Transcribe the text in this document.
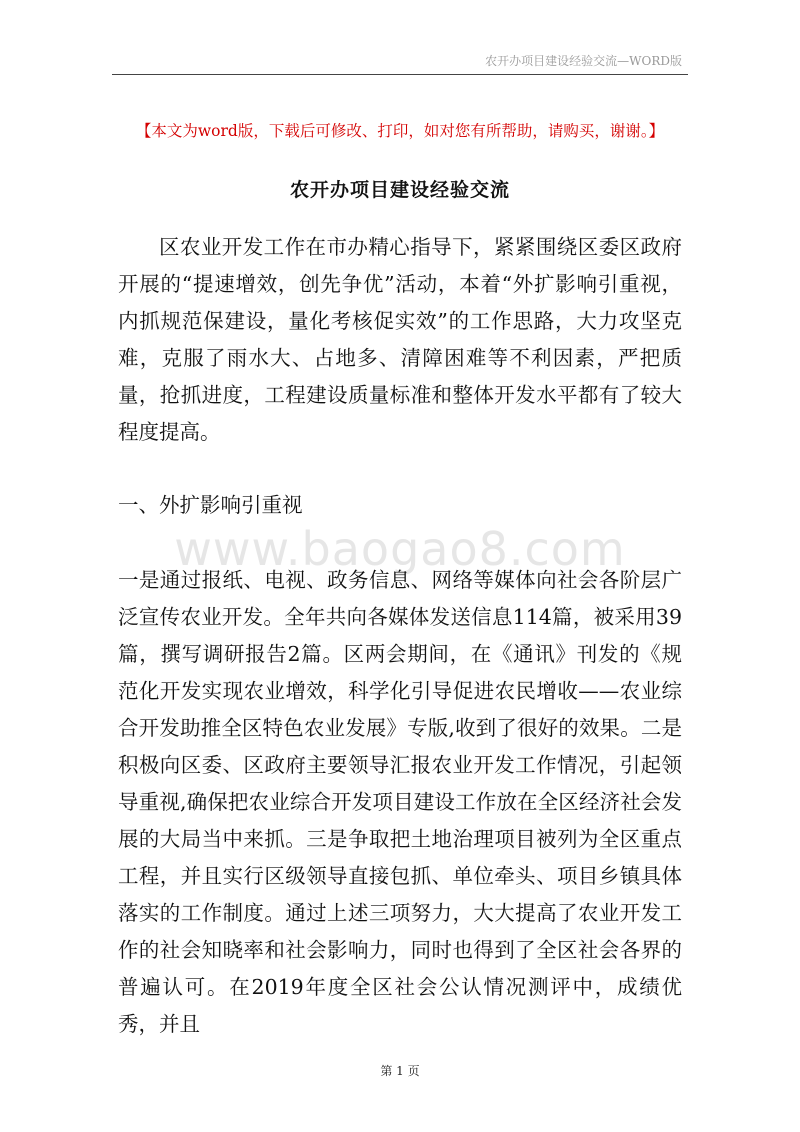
农开办项目建设经验交流—WORD版
【本文为word版，下载后可修改、打印，如对您有所帮助，请购买，谢谢。】
农开办项目建设经验交流

区农业开发工作在市办精心指导下，紧紧围绕区委区政府开展的“提速增效，创先争优”活动，本着“外扩影响引重视，内抓规范保建设，量化考核促实效”的工作思路，大力攻坚克难，克服了雨水大、占地多、清障困难等不利因素，严把质量，抢抓进度，工程建设质量标准和整体开发水平都有了较大程度提高。

一、外扩影响引重视

www.baogao8.com

一是通过报纸、电视、政务信息、网络等媒体向社会各阶层广泛宣传农业开发。全年共向各媒体发送信息114篇，被采用39篇，撰写调研报告2篇。区两会期间，在《通讯》刊发的《规范化开发实现农业增效，科学化引导促进农民增收——农业综合开发助推全区特色农业发展》专版,收到了很好的效果。二是积极向区委、区政府主要领导汇报农业开发工作情况，引起领导重视,确保把农业综合开发项目建设工作放在全区经济社会发展的大局当中来抓。三是争取把土地治理项目被列为全区重点工程，并且实行区级领导直接包抓、单位牵头、项目乡镇具体落实的工作制度。通过上述三项努力，大大提高了农业开发工作的社会知晓率和社会影响力，同时也得到了全区社会各界的普遍认可。在2019年度全区社会公认情况测评中，成绩优秀，并且

第 1 页
